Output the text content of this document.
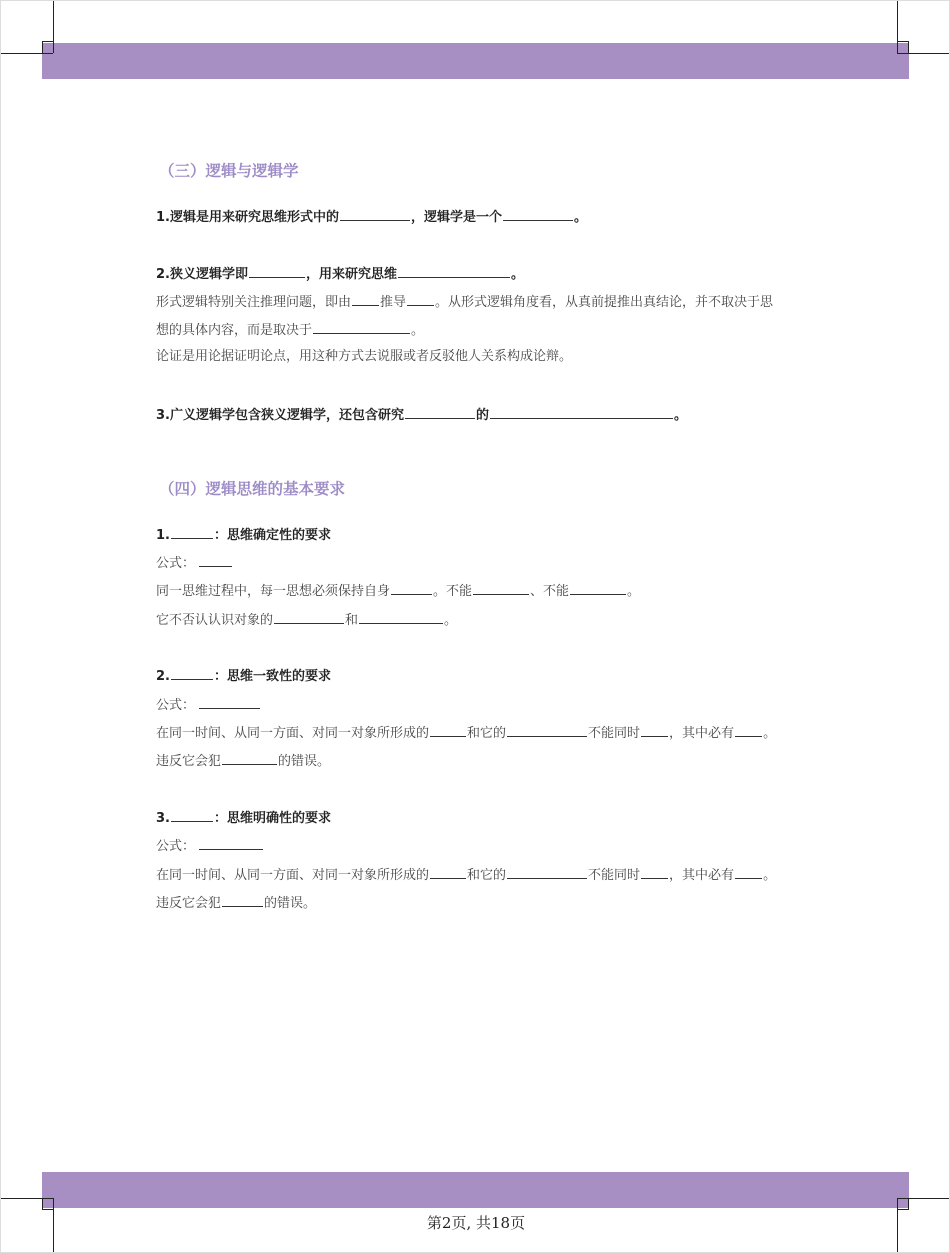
（三）逻辑与逻辑学
1.逻辑是用来研究思维形式中的	，逻辑学是一个	。
2.狭义逻辑学即	，用来研究思维	。
形式逻辑特别关注推理问题，即由 推导 。从形式逻辑角度看，从真前提推出真结论，并不取决于思
想的具体内容，而是取决于	。
论证是用论据证明论点，用这种方式去说服或者反驳他人关系构成论辩。
3.广义逻辑学包含狭义逻辑学，还包含研究	的	。
（四）逻辑思维的基本要求
1.	：思维确定性的要求
公式：
同一思维过程中，每一思想必须保持自身	。不能	、不能	。
它不否认认识对象的	和	。
2.	：思维一致性的要求
公式：
在同一时间、从同一方面、对同一对象所形成的	和它的	不能同时 ，其中必有 。
违反它会犯	的错误。
3.	：思维明确性的要求
公式：
在同一时间、从同一方面、对同一对象所形成的	和它的	不能同时 ，其中必有 。
违反它会犯	的错误。
第2页, 共18页
